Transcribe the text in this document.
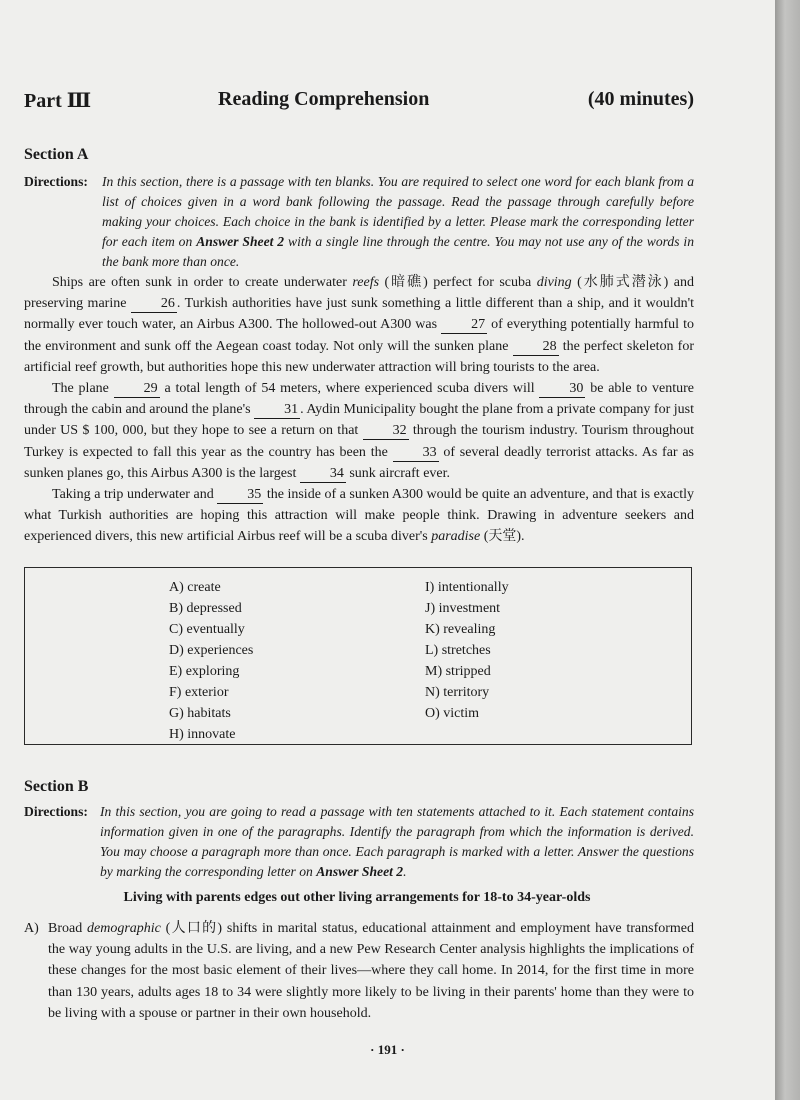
Part Ⅲ	Reading Comprehension	(40 minutes)
Section A
Directions: In this section, there is a passage with ten blanks. You are required to select one word for each blank from a list of choices given in a word bank following the passage. Read the passage through carefully before making your choices. Each choice in the bank is identified by a letter. Please mark the corresponding letter for each item on Answer Sheet 2 with a single line through the centre. You may not use any of the words in the bank more than once.

Ships are often sunk in order to create underwater reefs (暗礁) perfect for scuba diving (水肺式潜泳) and preserving marine 26 . Turkish authorities have just sunk something a little different than a ship, and it wouldn't normally ever touch water, an Airbus A300. The hollowed-out A300 was 27 of everything potentially harmful to the environment and sunk off the Aegean coast today. Not only will the sunken plane 28 the perfect skeleton for artificial reef growth, but authorities hope this new underwater attraction will bring tourists to the area.

The plane 29 a total length of 54 meters, where experienced scuba divers will 30 be able to venture through the cabin and around the plane's 31 . Aydin Municipality bought the plane from a private company for just under US $ 100, 000, but they hope to see a return on that 32 through the tourism industry. Tourism throughout Turkey is expected to fall this year as the country has been the 33 of several deadly terrorist attacks. As far as sunken planes go, this Airbus A300 is the largest 34 sunk aircraft ever.

Taking a trip underwater and 35 the inside of a sunken A300 would be quite an adventure, and that is exactly what Turkish authorities are hoping this attraction will make people think. Drawing in adventure seekers and experienced divers, this new artificial Airbus reef will be a scuba diver's paradise (天堂).

A) create
B) depressed
C) eventually
D) experiences
E) exploring
F) exterior
G) habitats
H) innovate
I) intentionally
J) investment
K) revealing
L) stretches
M) stripped
N) territory
O) victim
Section B
Directions: In this section, you are going to read a passage with ten statements attached to it. Each statement contains information given in one of the paragraphs. Identify the paragraph from which the information is derived. You may choose a paragraph more than once. Each paragraph is marked with a letter. Answer the questions by marking the corresponding letter on Answer Sheet 2.
Living with parents edges out other living arrangements for 18-to 34-year-olds
A) Broad demographic (人口的) shifts in marital status, educational attainment and employment have transformed the way young adults in the U.S. are living, and a new Pew Research Center analysis highlights the implications of these changes for the most basic element of their lives—where they call home. In 2014, for the first time in more than 130 years, adults ages 18 to 34 were slightly more likely to be living in their parents' home than they were to be living with a spouse or partner in their own household.
· 191 ·
